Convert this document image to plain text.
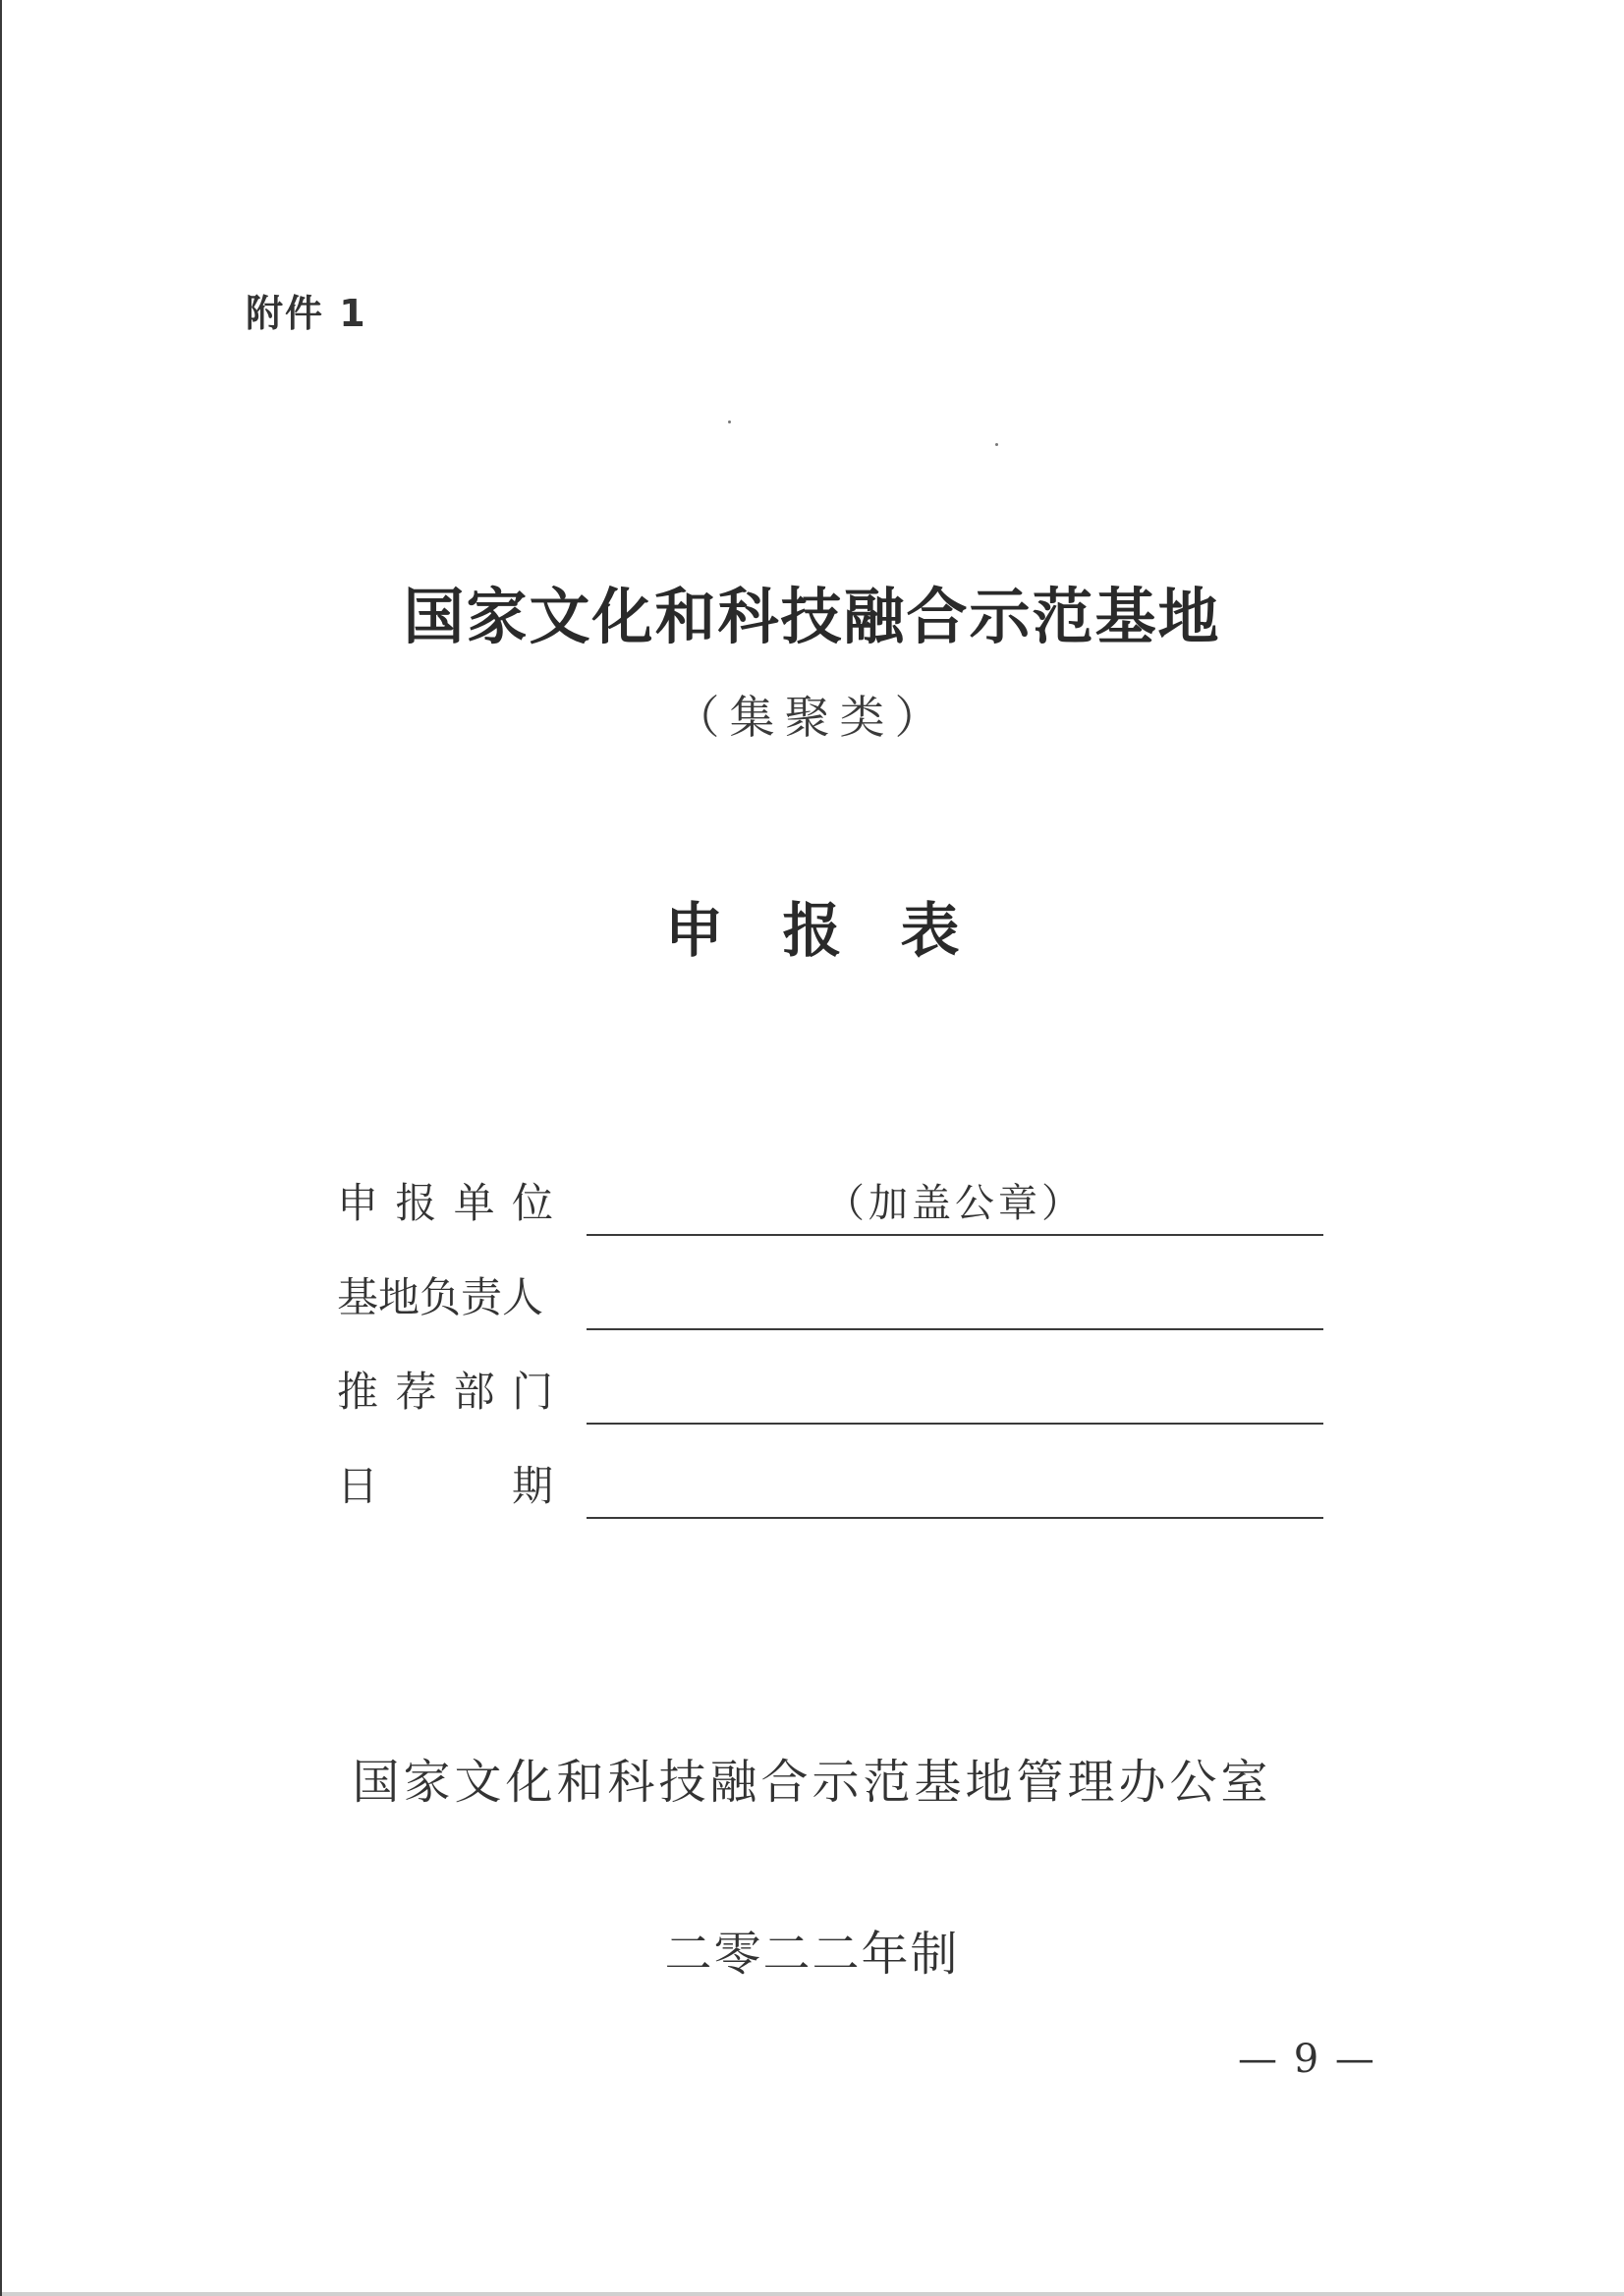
附件 1
国家文化和科技融合示范基地
（集聚类）
申报表
申 报 单 位	（加盖公章）
基地负责人
推 荐 部 门
日	期
国家文化和科技融合示范基地管理办公室
二零二二年制
— 9 —
